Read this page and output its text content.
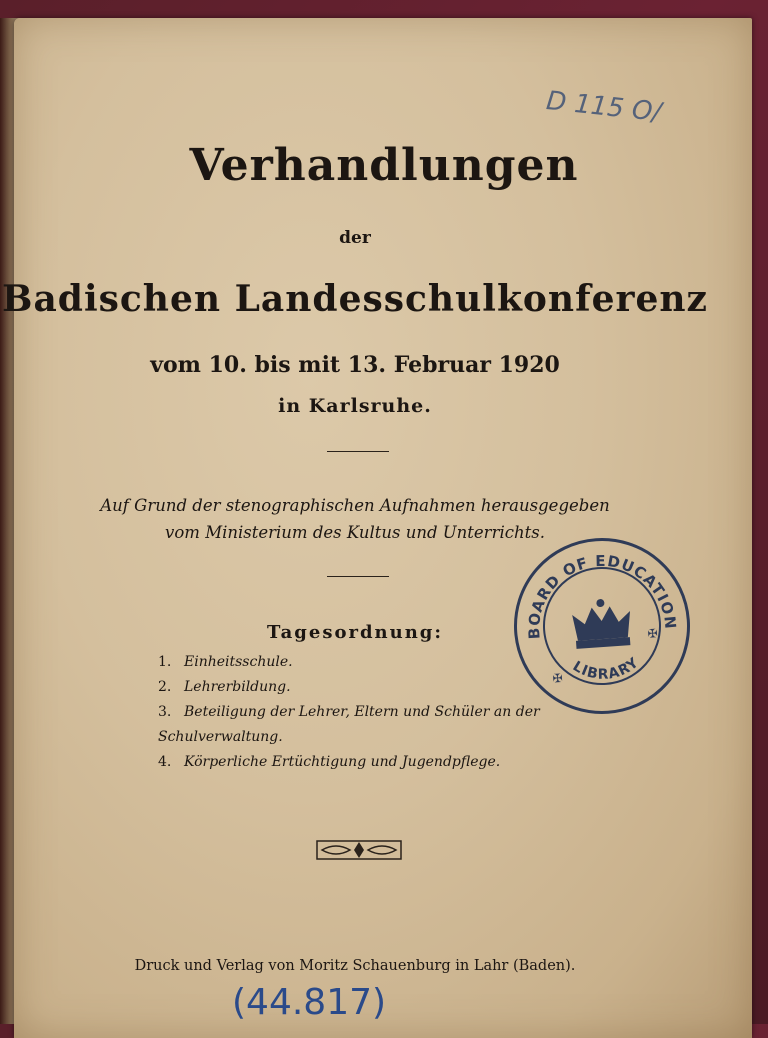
D 115 O/
Verhandlungen
der
Badischen Landesschulkonferenz
vom 10. bis mit 13. Februar 1920
in Karlsruhe.
Auf Grund der stenographischen Aufnahmen herausgegeben
vom Ministerium des Kultus und Unterrichts.
Tagesordnung:
1. Einheitsschule.
2. Lehrerbildung.
3. Beteiligung der Lehrer, Eltern und Schüler an der
Schulverwaltung.
4. Körperliche Ertüchtigung und Jugendpflege.
BOARD OF EDUCATION
LIBRARY
✠
✠
Druck und Verlag von Moritz Schauenburg in Lahr (Baden).
(44.817)
